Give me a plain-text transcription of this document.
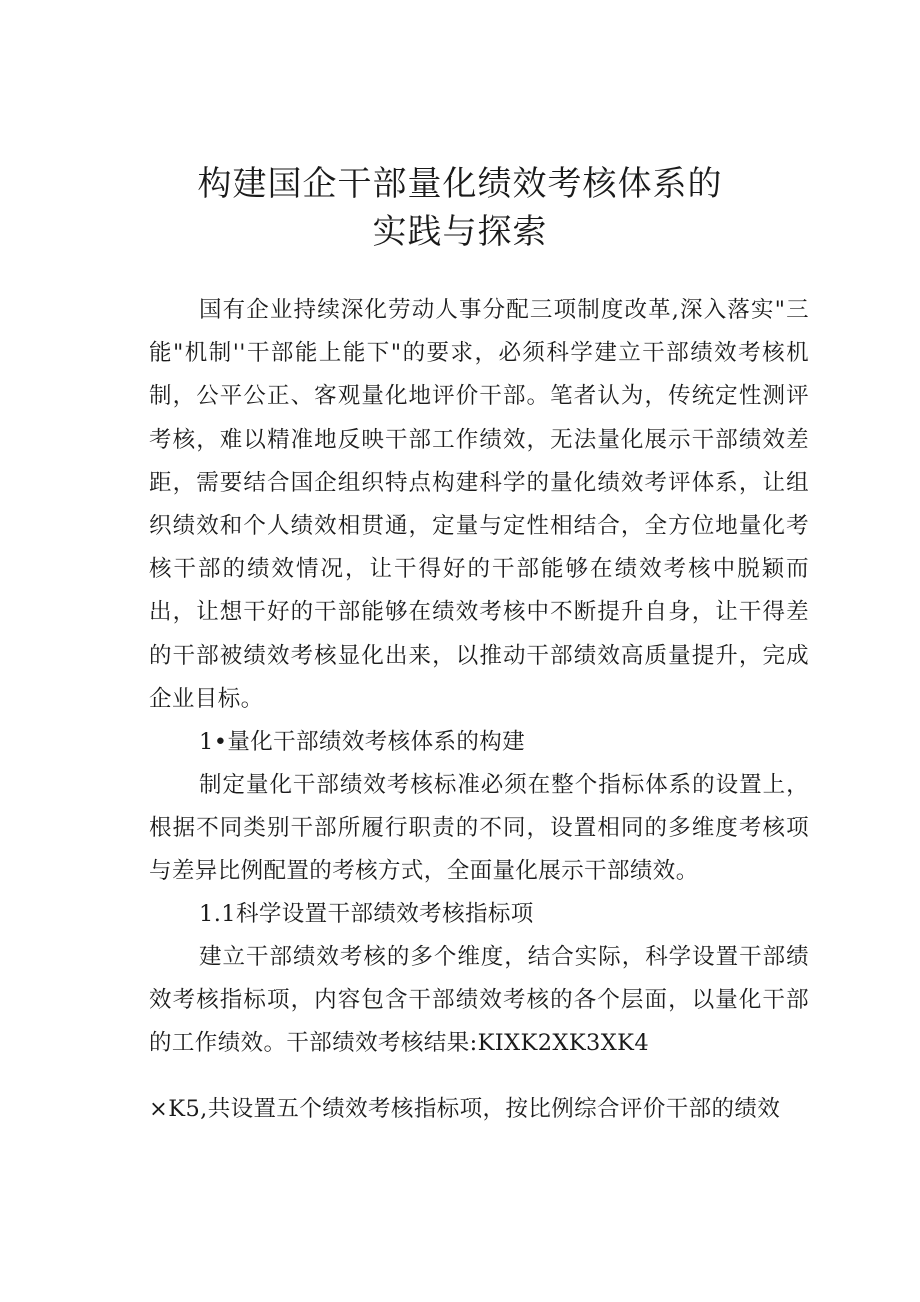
构建国企干部量化绩效考核体系的
实践与探索

国有企业持续深化劳动人事分配三项制度改革,深入落实"三能"机制''干部能上能下"的要求，必须科学建立干部绩效考核机制，公平公正、客观量化地评价干部。笔者认为，传统定性测评考核，难以精准地反映干部工作绩效，无法量化展示干部绩效差距，需要结合国企组织特点构建科学的量化绩效考评体系，让组织绩效和个人绩效相贯通，定量与定性相结合，全方位地量化考核干部的绩效情况，让干得好的干部能够在绩效考核中脱颖而出，让想干好的干部能够在绩效考核中不断提升自身，让干得差的干部被绩效考核显化出来，以推动干部绩效高质量提升，完成企业目标。

1•量化干部绩效考核体系的构建

制定量化干部绩效考核标准必须在整个指标体系的设置上，根据不同类别干部所履行职责的不同，设置相同的多维度考核项与差异比例配置的考核方式，全面量化展示干部绩效。

1.1科学设置干部绩效考核指标项

建立干部绩效考核的多个维度，结合实际，科学设置干部绩效考核指标项，内容包含干部绩效考核的各个层面，以量化干部的工作绩效。干部绩效考核结果:KIXK2XK3XK4

×K5,共设置五个绩效考核指标项，按比例综合评价干部的绩效
